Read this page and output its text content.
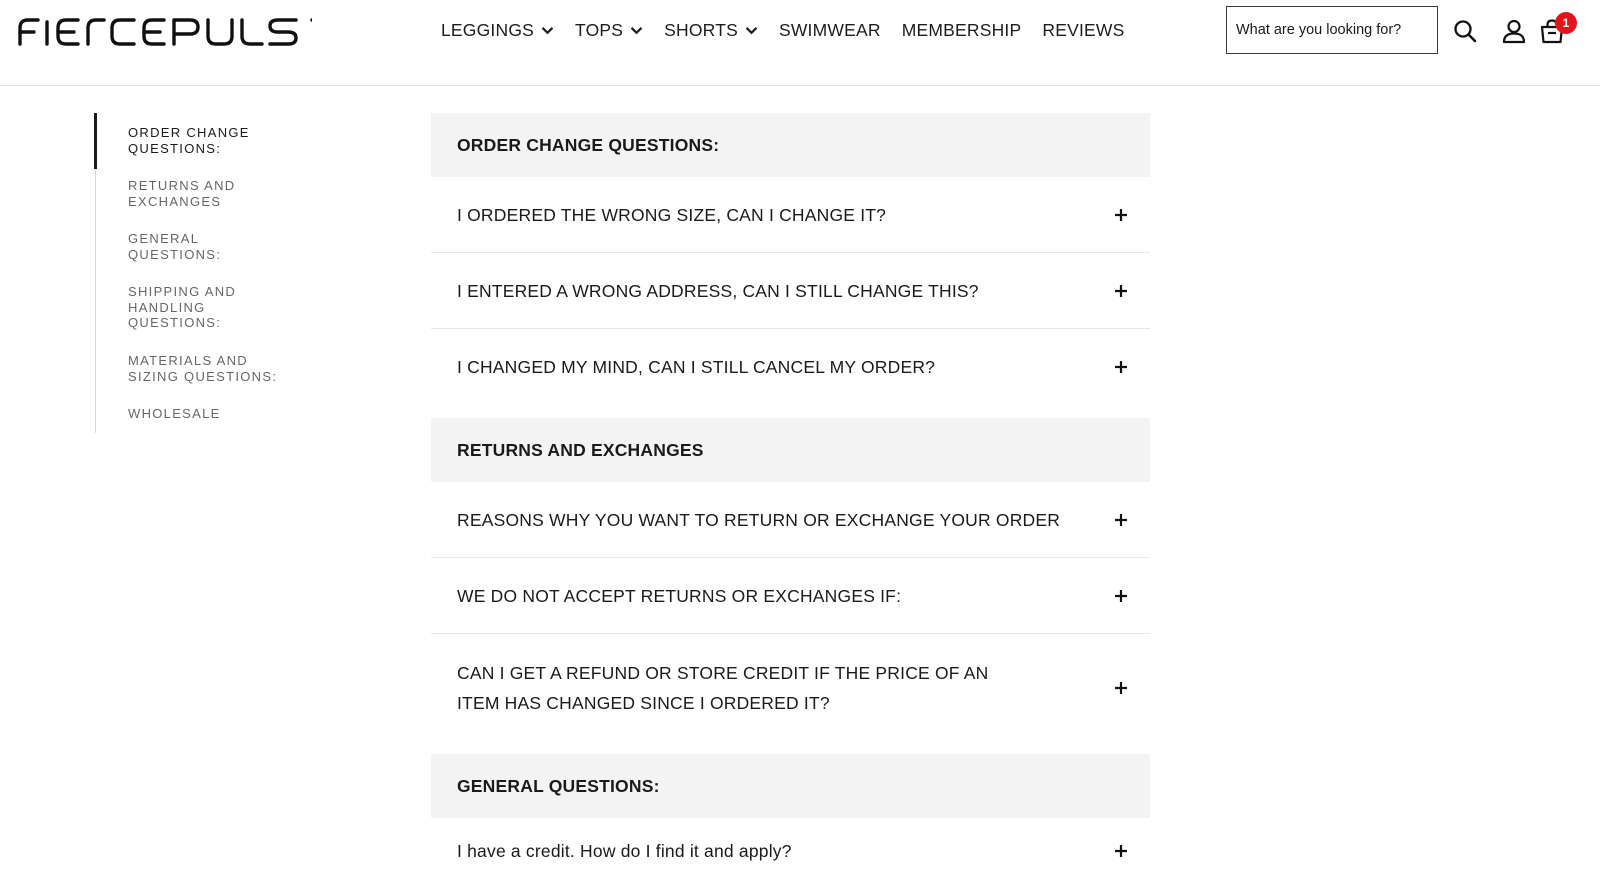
LEGGINGS TOPS SHORTS SWIMWEAR MEMBERSHIP REVIEWS
What are you looking for?	1
ORDER CHANGE QUESTIONS:
RETURNS AND EXCHANGES
GENERAL QUESTIONS:
SHIPPING AND HANDLING QUESTIONS:
MATERIALS AND SIZING QUESTIONS:
WHOLESALE
ORDER CHANGE QUESTIONS:
I ORDERED THE WRONG SIZE, CAN I CHANGE IT?
I ENTERED A WRONG ADDRESS, CAN I STILL CHANGE THIS?
I CHANGED MY MIND, CAN I STILL CANCEL MY ORDER?
RETURNS AND EXCHANGES
REASONS WHY YOU WANT TO RETURN OR EXCHANGE YOUR ORDER
WE DO NOT ACCEPT RETURNS OR EXCHANGES IF:
CAN I GET A REFUND OR STORE CREDIT IF THE PRICE OF AN ITEM HAS CHANGED SINCE I ORDERED IT?
GENERAL QUESTIONS:
I have a credit. How do I find it and apply?
